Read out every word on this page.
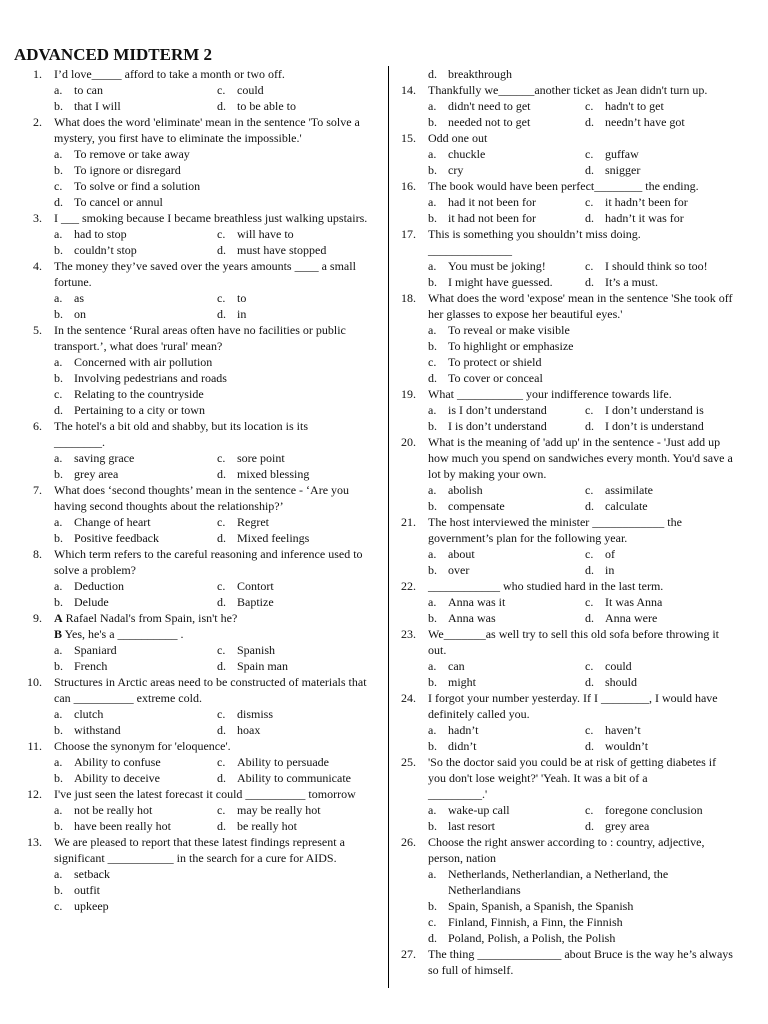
ADVANCED MIDTERM 2
1. I’d love_____ afford to take a month or two off.
a. to can	c. could
b. that I will	d. to be able to
2. What does the word 'eliminate' mean in the sentence 'To solve a mystery, you first have to eliminate the impossible.'
a. To remove or take away
b. To ignore or disregard
c. To solve or find a solution
d. To cancel or annul
3. I ___ smoking because I became breathless just walking upstairs.
a. had to stop	c. will have to
b. couldn’t stop	d. must have stopped
4. The money they’ve saved over the years amounts ____ a small fortune.
a. as	c. to
b. on	d. in
5. In the sentence ‘Rural areas often have no facilities or public transport.’, what does 'rural' mean?
a. Concerned with air pollution
b. Involving pedestrians and roads
c. Relating to the countryside
d. Pertaining to a city or town
6. The hotel's a bit old and shabby, but its location is its
________.
a. saving grace	c. sore point
b. grey area	d. mixed blessing
7. What does ‘second thoughts’ mean in the sentence - ‘Are you having second thoughts about the relationship?’
a. Change of heart	c. Regret
b. Positive feedback	d. Mixed feelings
8. Which term refers to the careful reasoning and inference used to solve a problem?
a. Deduction	c. Contort
b. Delude	d. Baptize
9. A Rafael Nadal's from Spain, isn't he?
B Yes, he's a __________ .
a. Spaniard	c. Spanish
b. French	d. Spain man
10. Structures in Arctic areas need to be constructed of materials that can __________ extreme cold.
a. clutch	c. dismiss
b. withstand	d. hoax
11. Choose the synonym for 'eloquence'.
a. Ability to confuse	c. Ability to persuade
b. Ability to deceive	d. Ability to communicate
12. I've just seen the latest forecast it could __________ tomorrow
a. not be really hot	c. may be really hot
b. have been really hot	d. be really hot
13. We are pleased to report that these latest findings represent a significant ___________ in the search for a cure for AIDS.
a. setback
b. outfit
c. upkeep
d. breakthrough
14. Thankfully we______another ticket as Jean didn't turn up.
a. didn't need to get	c. hadn't to get
b. needed not to get	d. needn’t have got
15. Odd one out
a. chuckle	c. guffaw
b. cry	d. snigger
16. The book would have been perfect________ the ending.
a. had it not been for	c. it hadn’t been for
b. it had not been for	d. hadn’t it was for
17. This is something you shouldn’t miss doing.
______________
a. You must be joking!	c. I should think so too!
b. I might have guessed.	d. It’s a must.
18. What does the word 'expose' mean in the sentence 'She took off her glasses to expose her beautiful eyes.'
a. To reveal or make visible
b. To highlight or emphasize
c. To protect or shield
d. To cover or conceal
19. What ___________ your indifference towards life.
a. is I don’t understand	c. I don’t understand is
b. I is don’t understand	d. I don’t is understand
20. What is the meaning of 'add up' in the sentence - 'Just add up how much you spend on sandwiches every month. You'd save a lot by making your own.
a. abolish	c. assimilate
b. compensate	d. calculate
21. The host interviewed the minister ____________ the government’s plan for the following year.
a. about	c. of
b. over	d. in
22. ____________ who studied hard in the last term.
a. Anna was it	c. It was Anna
b. Anna was	d. Anna were
23. We_______as well try to sell this old sofa before throwing it out.
a. can	c. could
b. might	d. should
24. I forgot your number yesterday. If I ________, I would have definitely called you.
a. hadn’t	c. haven’t
b. didn’t	d. wouldn’t
25. 'So the doctor said you could be at risk of getting diabetes if you don't lose weight?' 'Yeah. It was a bit of a
_________.'
a. wake-up call	c. foregone conclusion
b. last resort	d. grey area
26. Choose the right answer according to : country, adjective, person, nation
a. Netherlands, Netherlandian, a Netherland, the Netherlandians
b. Spain, Spanish, a Spanish, the Spanish
c. Finland, Finnish, a Finn, the Finnish
d. Poland, Polish, a Polish, the Polish
27. The thing ______________ about Bruce is the way he’s always so full of himself.
